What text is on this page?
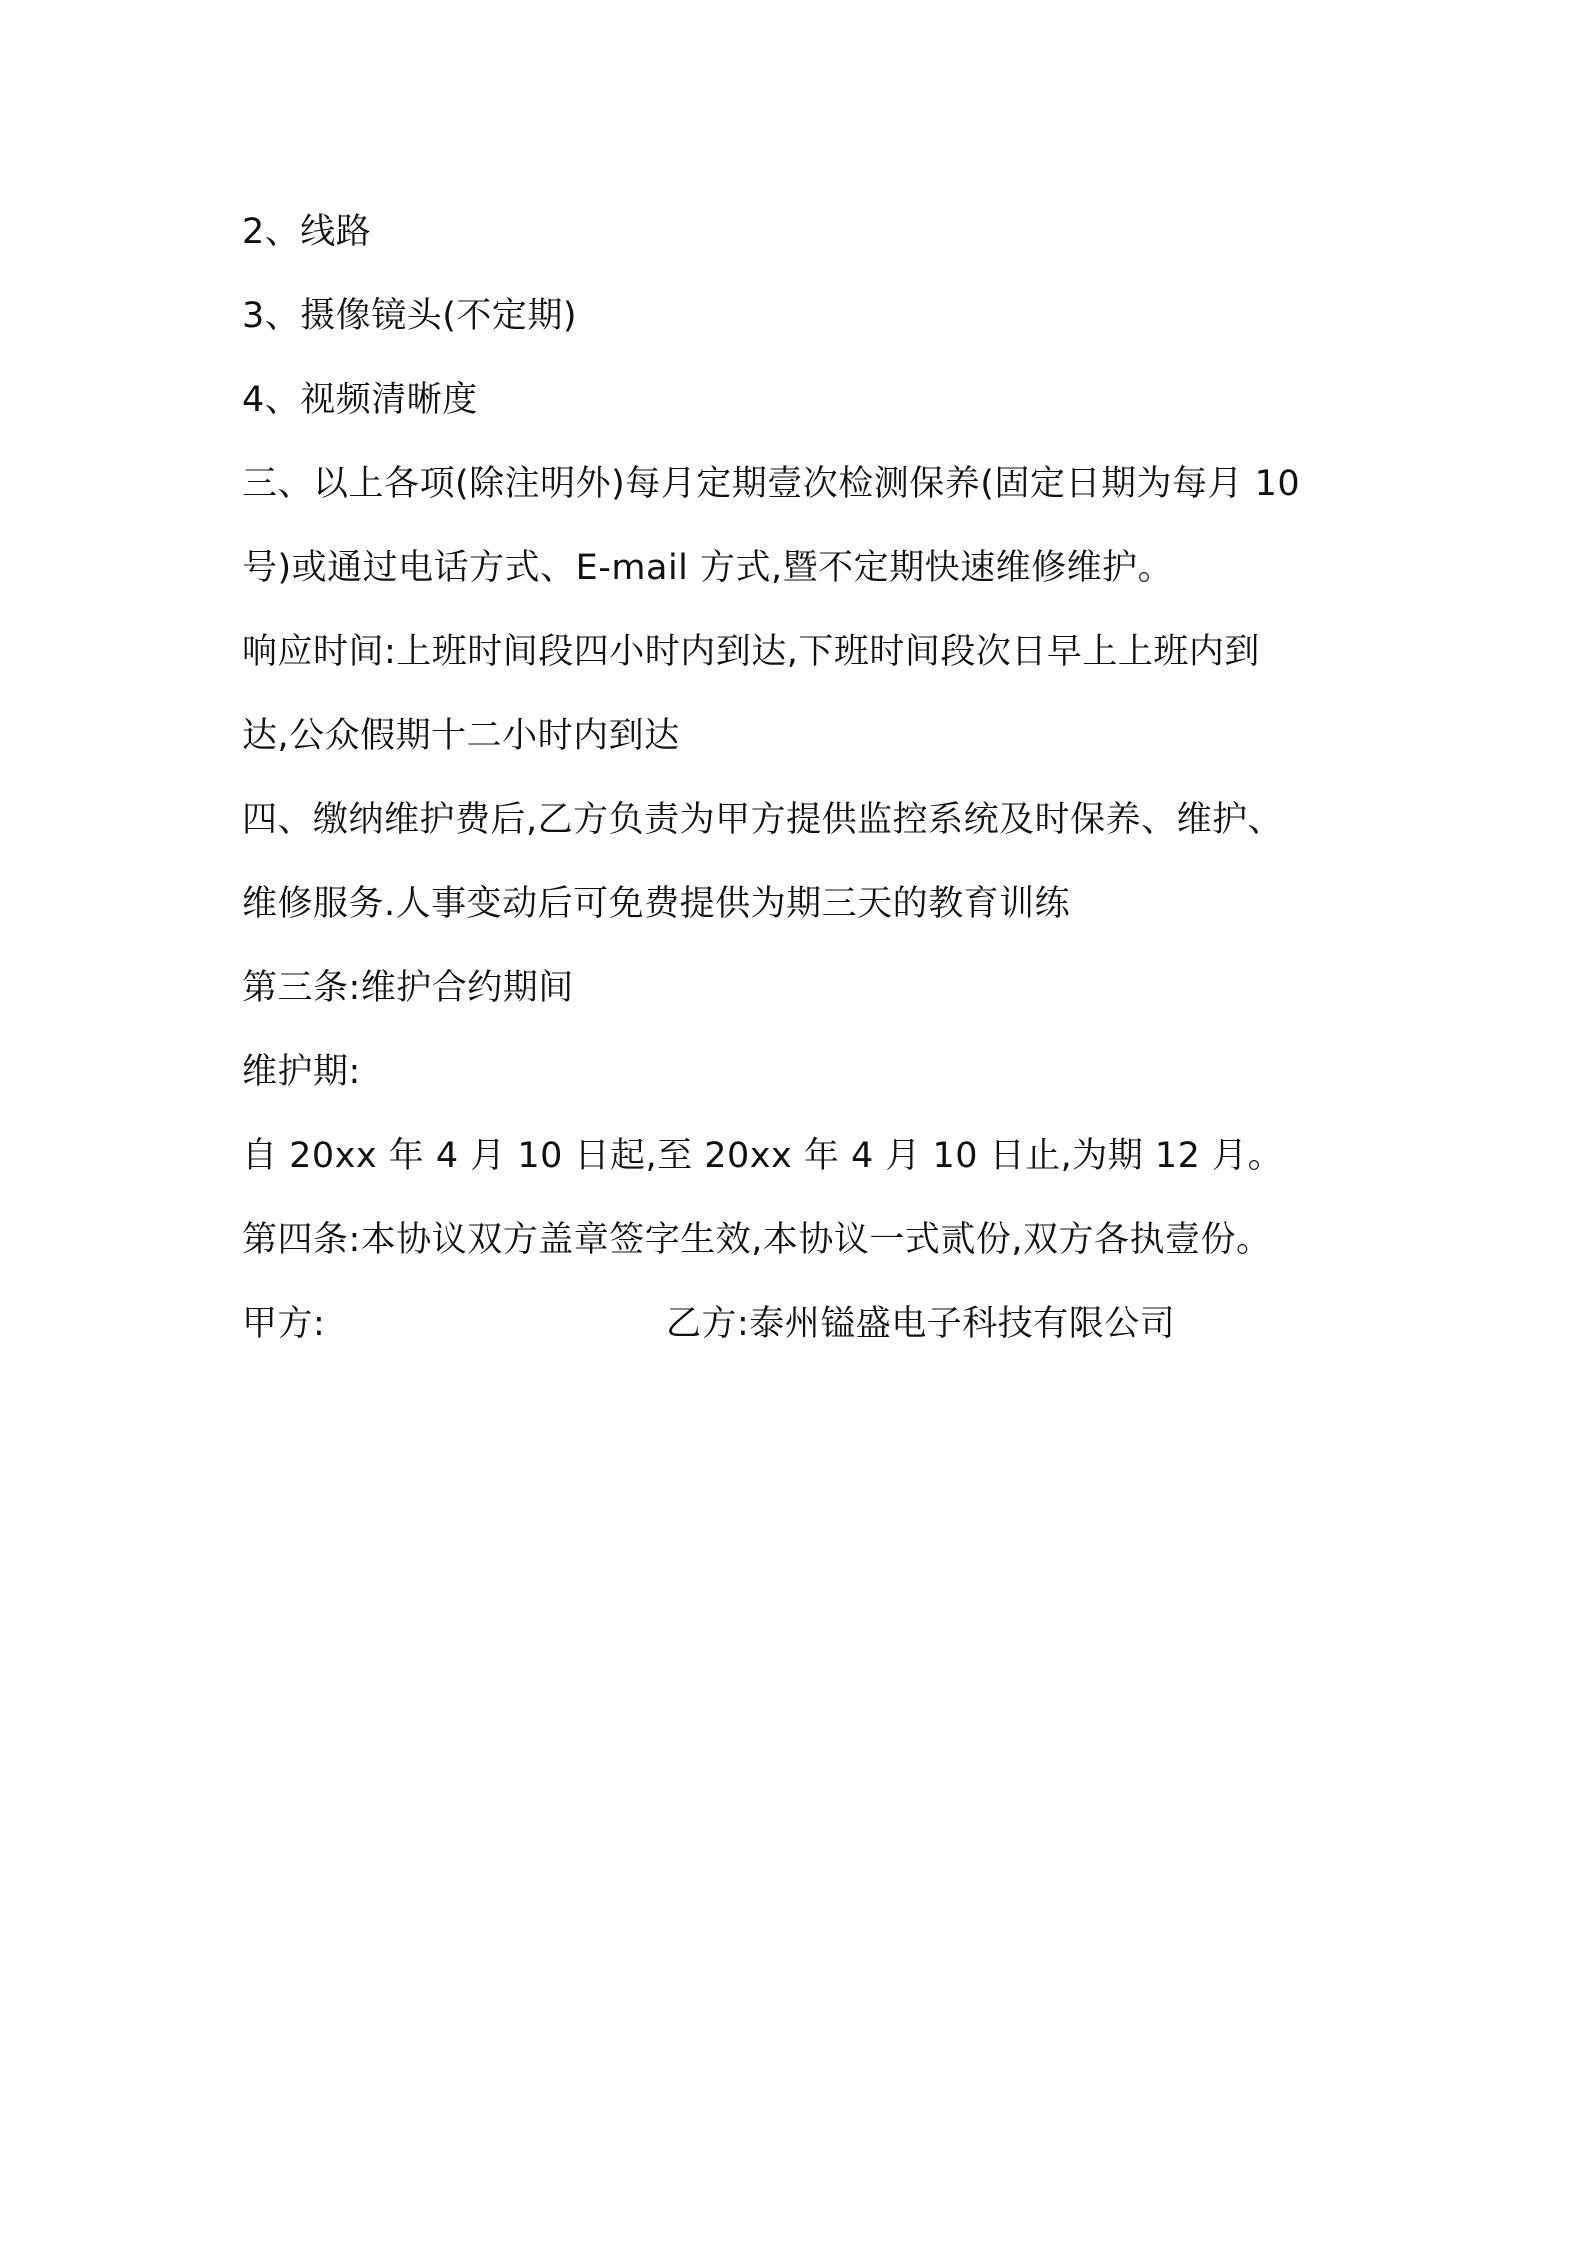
2、线路

3、摄像镜头(不定期)

4、视频清晰度

三、以上各项(除注明外)每月定期壹次检测保养(固定日期为每月 10

号)或通过电话方式、E-mail 方式,暨不定期快速维修维护。

响应时间:上班时间段四小时内到达,下班时间段次日早上上班内到

达,公众假期十二小时内到达

四、缴纳维护费后,乙方负责为甲方提供监控系统及时保养、维护、

维修服务.人事变动后可免费提供为期三天的教育训练

第三条:维护合约期间

维护期:

自 20xx 年 4 月 10 日起,至 20xx 年 4 月 10 日止,为期 12 月。

第四条:本协议双方盖章签字生效,本协议一式贰份,双方各执壹份。

甲方:	乙方:泰州镒盛电子科技有限公司
